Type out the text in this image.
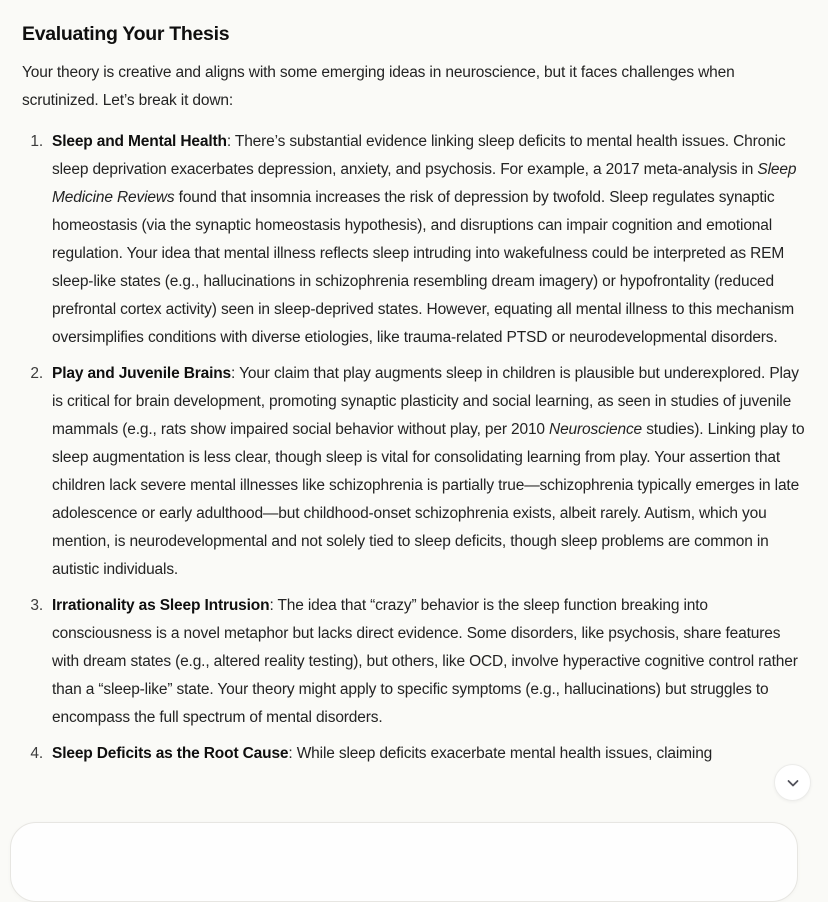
Evaluating Your Thesis

Your theory is creative and aligns with some emerging ideas in neuroscience, but it faces challenges when scrutinized. Let’s break it down:

1. Sleep and Mental Health: There’s substantial evidence linking sleep deficits to mental health issues. Chronic sleep deprivation exacerbates depression, anxiety, and psychosis. For example, a 2017 meta-analysis in Sleep Medicine Reviews found that insomnia increases the risk of depression by twofold. Sleep regulates synaptic homeostasis (via the synaptic homeostasis hypothesis), and disruptions can impair cognition and emotional regulation. Your idea that mental illness reflects sleep intruding into wakefulness could be interpreted as REM sleep-like states (e.g., hallucinations in schizophrenia resembling dream imagery) or hypofrontality (reduced prefrontal cortex activity) seen in sleep-deprived states. However, equating all mental illness to this mechanism oversimplifies conditions with diverse etiologies, like trauma-related PTSD or neurodevelopmental disorders.
2. Play and Juvenile Brains: Your claim that play augments sleep in children is plausible but underexplored. Play is critical for brain development, promoting synaptic plasticity and social learning, as seen in studies of juvenile mammals (e.g., rats show impaired social behavior without play, per 2010 Neuroscience studies). Linking play to sleep augmentation is less clear, though sleep is vital for consolidating learning from play. Your assertion that children lack severe mental illnesses like schizophrenia is partially true—schizophrenia typically emerges in late adolescence or early adulthood—but childhood-onset schizophrenia exists, albeit rarely. Autism, which you mention, is neurodevelopmental and not solely tied to sleep deficits, though sleep problems are common in autistic individuals.
3. Irrationality as Sleep Intrusion: The idea that “crazy” behavior is the sleep function breaking into consciousness is a novel metaphor but lacks direct evidence. Some disorders, like psychosis, share features with dream states (e.g., altered reality testing), but others, like OCD, involve hyperactive cognitive control rather than a “sleep-like” state. Your theory might apply to specific symptoms (e.g., hallucinations) but struggles to encompass the full spectrum of mental disorders.
4. Sleep Deficits as the Root Cause: While sleep deficits exacerbate mental health issues, claiming
